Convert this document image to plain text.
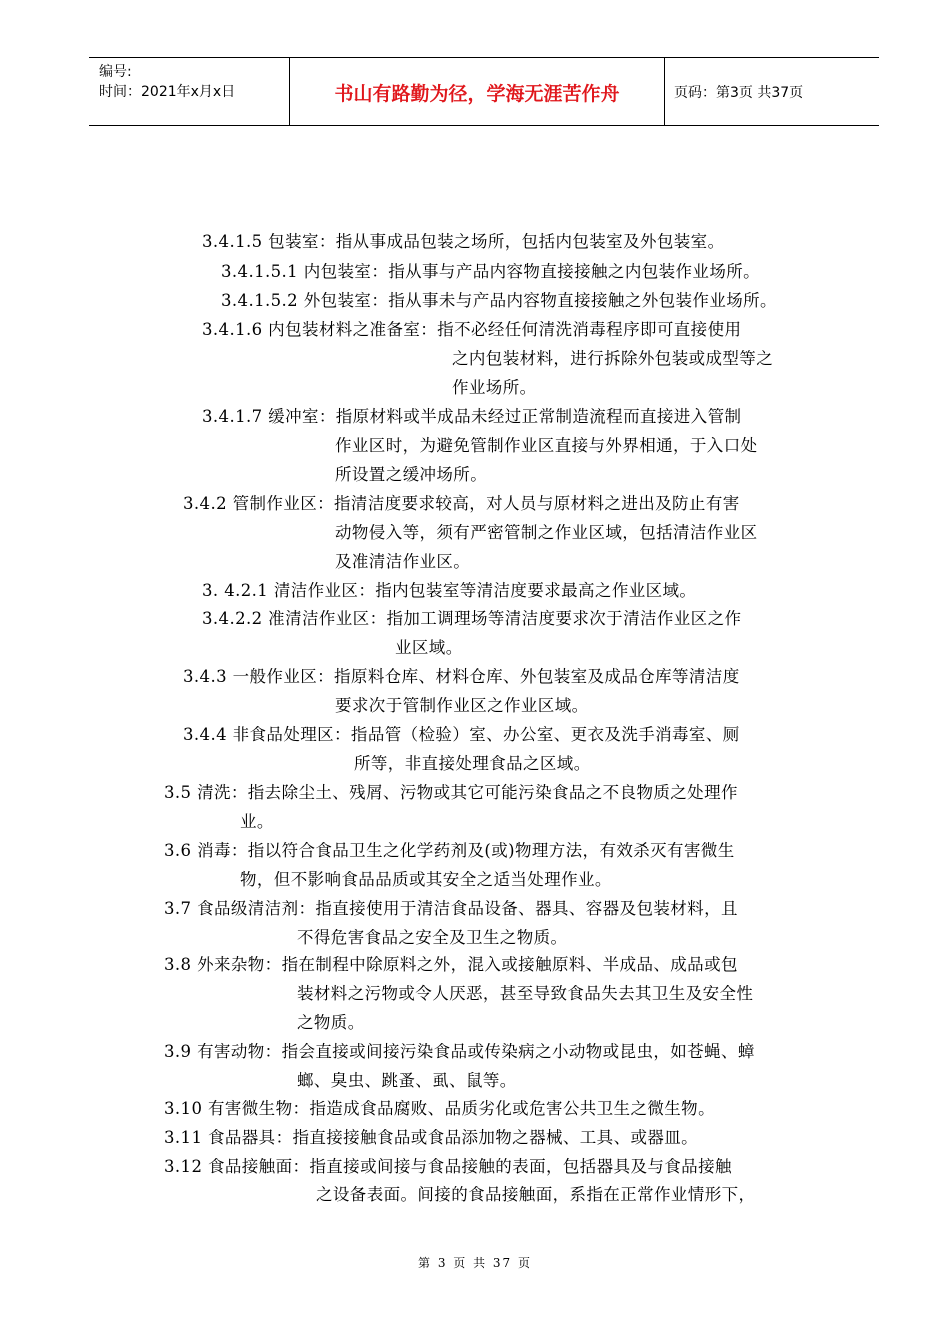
编号:
时间：2021年x月x日	书山有路勤为径，学海无涯苦作舟	页码：第3页 共37页
3.4.1.5 包装室：指从事成品包装之场所，包括内包装室及外包装室。
3.4.1.5.1 内包装室：指从事与产品内容物直接接触之内包装作业场所。
3.4.1.5.2 外包装室：指从事未与产品内容物直接接触之外包装作业场所。
3.4.1.6 内包装材料之准备室：指不必经任何清洗消毒程序即可直接使用
之内包装材料，进行拆除外包装或成型等之
作业场所。
3.4.1.7 缓冲室：指原材料或半成品未经过正常制造流程而直接进入管制
作业区时，为避免管制作业区直接与外界相通，于入口处
所设置之缓冲场所。
3.4.2 管制作业区：指清洁度要求较高，对人员与原材料之进出及防止有害
动物侵入等，须有严密管制之作业区域，包括清洁作业区
及准清洁作业区。
3. 4.2.1 清洁作业区：指内包装室等清洁度要求最高之作业区域。
3.4.2.2 准清洁作业区：指加工调理场等清洁度要求次于清洁作业区之作
业区域。
3.4.3 一般作业区：指原料仓库、材料仓库、外包装室及成品仓库等清洁度
要求次于管制作业区之作业区域。
3.4.4 非食品处理区：指品管（检验）室、办公室、更衣及洗手消毒室、厕
所等，非直接处理食品之区域。
3.5 清洗：指去除尘土、残屑、污物或其它可能污染食品之不良物质之处理作
业。
3.6 消毒：指以符合食品卫生之化学药剂及(或)物理方法，有效杀灭有害微生
物，但不影响食品品质或其安全之适当处理作业。
3.7 食品级清洁剂：指直接使用于清洁食品设备、器具、容器及包装材料，且
不得危害食品之安全及卫生之物质。
3.8 外来杂物：指在制程中除原料之外，混入或接触原料、半成品、成品或包
装材料之污物或令人厌恶，甚至导致食品失去其卫生及安全性
之物质。
3.9 有害动物：指会直接或间接污染食品或传染病之小动物或昆虫，如苍蝇、蟑
螂、臭虫、跳蚤、虱、鼠等。
3.10 有害微生物：指造成食品腐败、品质劣化或危害公共卫生之微生物。
3.11 食品器具：指直接接触食品或食品添加物之器械、工具、或器皿。
3.12 食品接触面：指直接或间接与食品接触的表面，包括器具及与食品接触
之设备表面。间接的食品接触面，系指在正常作业情形下，
第 3 页 共 37 页
